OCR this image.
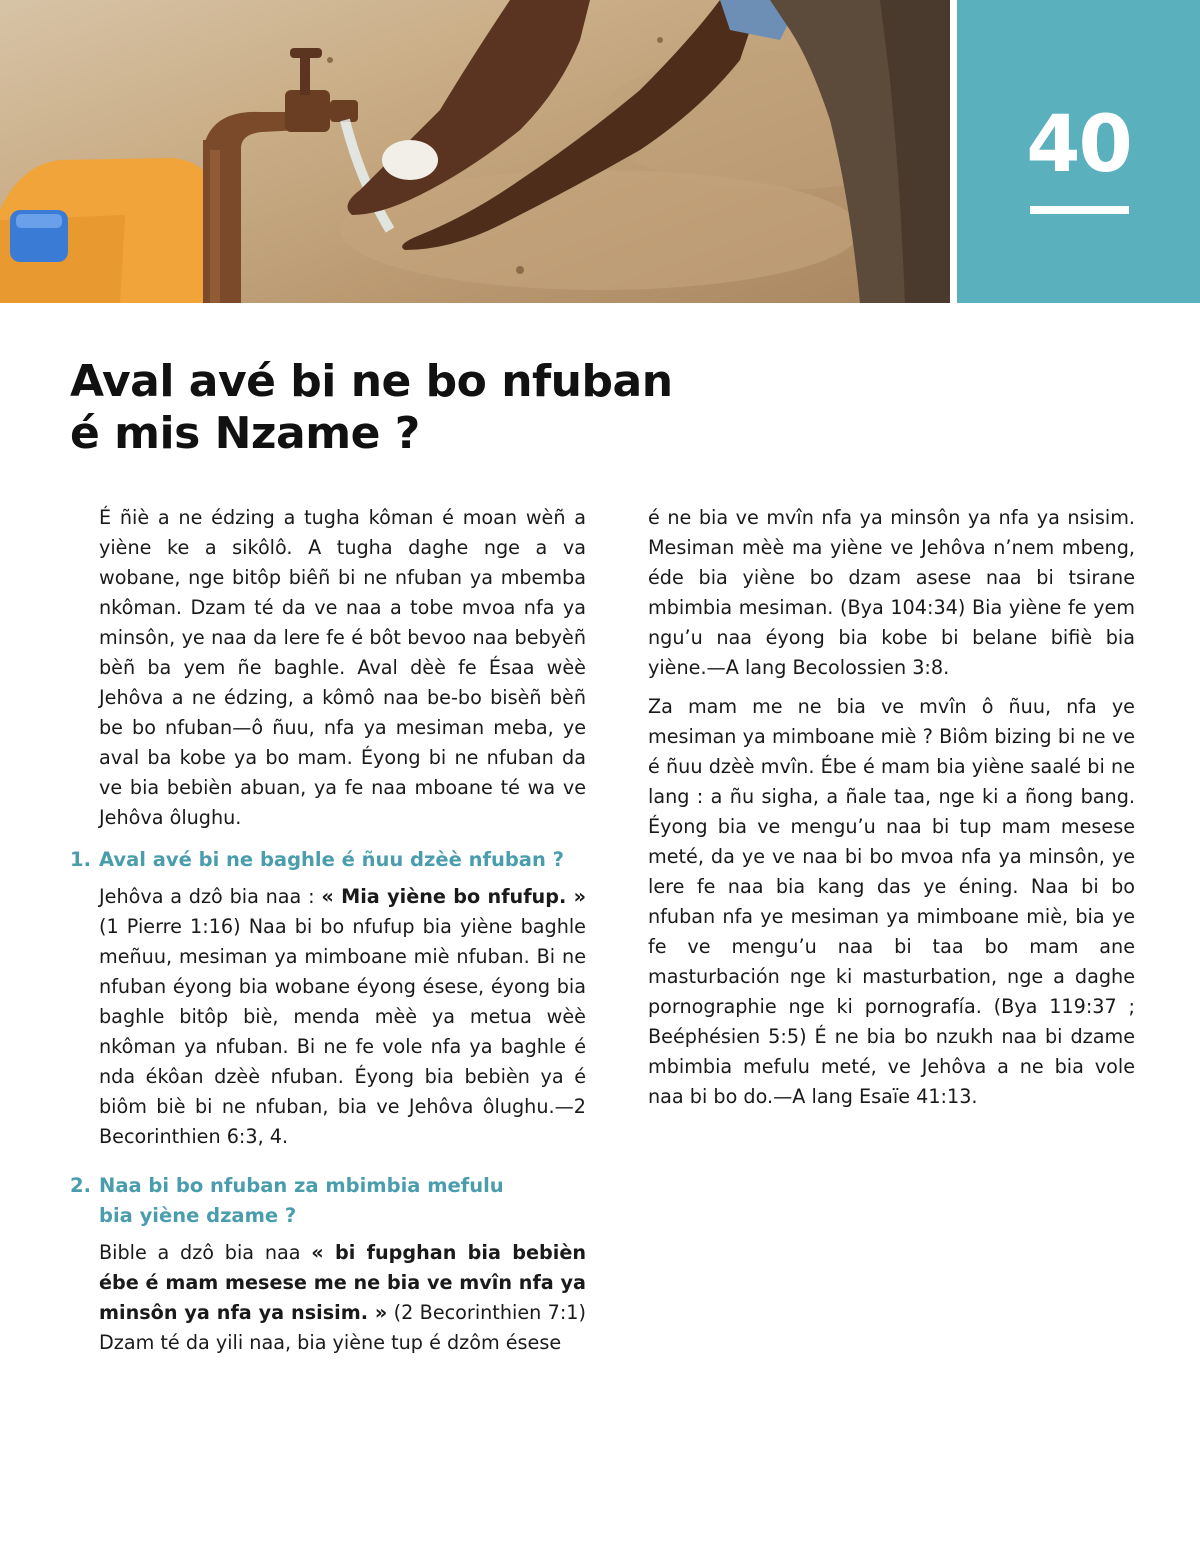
40
Aval avé bi ne bo nfuban
é mis Nzame ?

É ñiè a ne édzing a tugha kôman é moan wèñ a yiène ke a sikôlô. A tugha daghe nge a va wobane, nge bitôp biêñ bi ne nfuban ya mbemba nkôman. Dzam té da ve naa a tobe mvoa nfa ya minsôn, ye naa da lere fe é bôt bevoo naa bebyèñ bèñ ba yem ñe baghle. Aval dèè fe Ésaa wèè Jehôva a ne édzing, a kômô naa be-bo bisèñ bèñ be bo nfuban—ô ñuu, nfa ya mesiman meba, ye aval ba kobe ya bo mam. Éyong bi ne nfuban da ve bia bebièn abuan, ya fe naa mboane té wa ve Jehôva ôlughu.

1. Aval avé bi ne baghle é ñuu dzèè nfuban ?
Jehôva a dzô bia naa : « Mia yiène bo nfufup. » (1 Pierre 1:16) Naa bi bo nfufup bia yiène baghle meñuu, mesiman ya mimboane miè nfuban. Bi ne nfuban éyong bia wobane éyong ésese, éyong bia baghle bitôp biè, menda mèè ya metua wèè nkôman ya nfuban. Bi ne fe vole nfa ya baghle é nda ékôan dzèè nfuban. Éyong bia bebièn ya é biôm biè bi ne nfuban, bia ve Jehôva ôlughu.—2 Becorinthien 6:3, 4.
2. Naa bi bo nfuban za mbimbia mefulu
bia yiène dzame ?
Bible a dzô bia naa « bi fupghan bia bebièn ébe é mam mesese me ne bia ve mvîn nfa ya minsôn ya nfa ya nsisim. » (2 Becorinthien 7:1) Dzam té da yili naa, bia yiène tup é dzôm ésese

é ne bia ve mvîn nfa ya minsôn ya nfa ya nsisim. Mesiman mèè ma yiène ve Jehôva n’nem mbeng, éde bia yiène bo dzam asese naa bi tsirane mbimbia mesiman. (Bya 104:34) Bia yiène fe yem ngu’u naa éyong bia kobe bi belane bifiè bia yiène.—A lang Becolossien 3:8.

Za mam me ne bia ve mvîn ô ñuu, nfa ye mesiman ya mimboane miè ? Biôm bizing bi ne ve é ñuu dzèè mvîn. Ébe é mam bia yiène saalé bi ne lang : a ñu sigha, a ñale taa, nge ki a ñong bang. Éyong bia ve mengu’u naa bi tup mam mesese meté, da ye ve naa bi bo mvoa nfa ya minsôn, ye lere fe naa bia kang das ye éning. Naa bi bo nfuban nfa ye mesiman ya mimboane miè, bia ye fe ve mengu’u naa bi taa bo mam ane masturbación nge ki masturbation, nge a daghe pornographie nge ki pornografía. (Bya 119:37 ; Beéphésien 5:5) É ne bia bo nzukh naa bi dzame mbimbia mefulu meté, ve Jehôva a ne bia vole naa bi bo do.—A lang Esaïe 41:13.
